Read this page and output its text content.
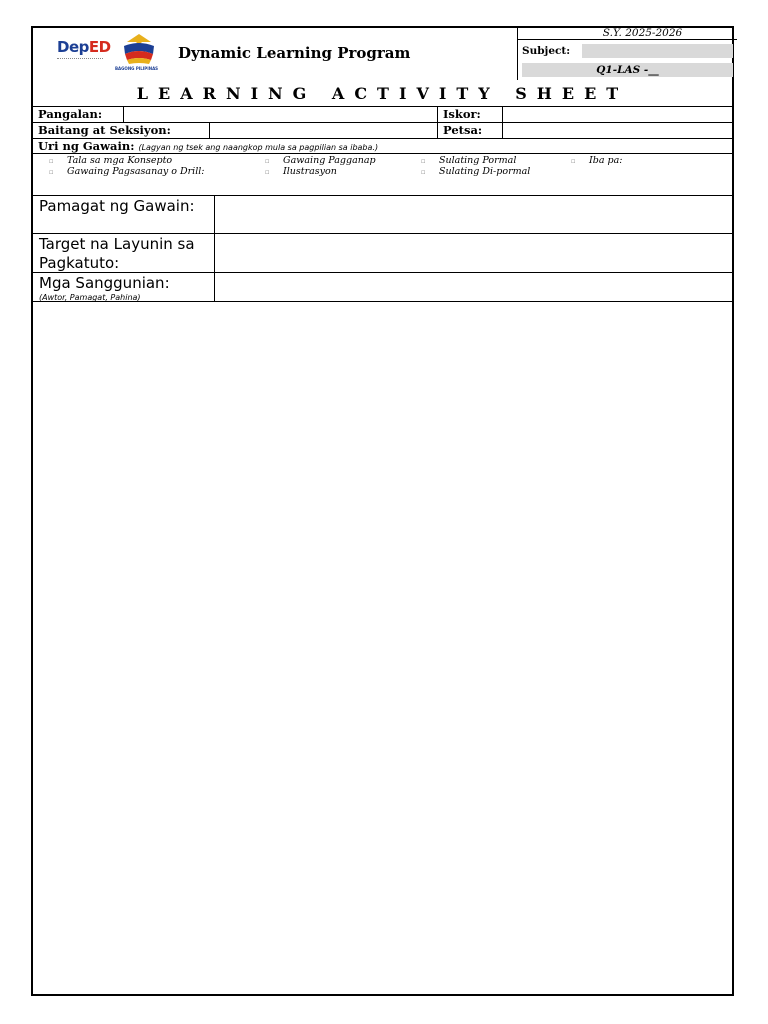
DepED
BAGONG PILIPINAS
Dynamic Learning Program
S.Y. 2025-2026
Subject:
Q1-LAS -__
LEARNING ACTIVITY SHEET
Pangalan:	Iskor:
Baitang at Seksiyon:	Petsa:
Uri ng Gawain: (Lagyan ng tsek ang naangkop mula sa pagpilian sa ibaba.)
☐ Tala sa mga Konsepto	☐ Gawaing Pagganap	☐ Sulating Pormal	☐ Iba pa:
☐ Gawaing Pagsasanay o Drill:	☐ Ilustrasyon	☐ Sulating Di-pormal
Pamagat ng Gawain:
Target na Layunin sa Pagkatuto:
Mga Sanggunian:
(Awtor, Pamagat, Pahina)
